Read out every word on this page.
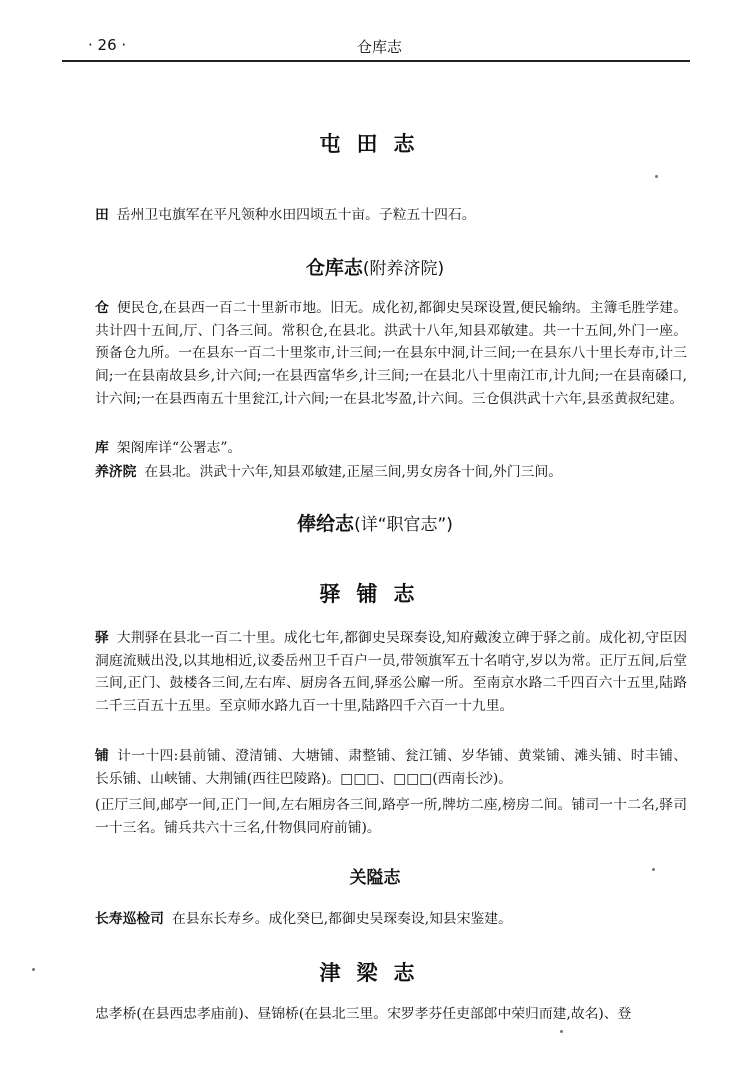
· 26 ·	仓库志
屯田志
田 岳州卫屯旗军在平凡领种水田四顷五十亩。子粒五十四石。
仓库志(附养济院)
仓 便民仓,在县西一百二十里新市地。旧无。成化初,都御史吴琛设置,便民输纳。主簿毛胜学建。共计四十五间,厅、门各三间。常积仓,在县北。洪武十八年,知县邓敏建。共一十五间,外门一座。预备仓九所。一在县东一百二十里浆市,计三间;一在县东中洞,计三间;一在县东八十里长寿市,计三间;一在县南故县乡,计六间;一在县西富华乡,计三间;一在县北八十里南江市,计九间;一在县南磉口,计六间;一在县西南五十里瓮江,计六间;一在县北岑盈,计六间。三仓俱洪武十六年,县丞黄叔纪建。
库 架阁库详“公署志”。
养济院 在县北。洪武十六年,知县邓敏建,正屋三间,男女房各十间,外门三间。
俸给志(详“职官志”)
驿铺志
驿 大荆驿在县北一百二十里。成化七年,都御史吴琛奏设,知府戴浚立碑于驿之前。成化初,守臣因洞庭流贼出没,以其地相近,议委岳州卫千百户一员,带领旗军五十名哨守,岁以为常。正厅五间,后堂三间,正门、鼓楼各三间,左右库、厨房各五间,驿丞公廨一所。至南京水路二千四百六十五里,陆路二千三百五十五里。至京师水路九百一十里,陆路四千六百一十九里。
铺 计一十四:县前铺、澄清铺、大塘铺、肃整铺、瓮江铺、岁华铺、黄棠铺、滩头铺、时丰铺、长乐铺、山峡铺、大荆铺(西往巴陵路)。□□□、□□□(西南长沙)。
(正厅三间,邮亭一间,正门一间,左右厢房各三间,路亭一所,牌坊二座,榜房二间。铺司一十二名,驿司一十三名。铺兵共六十三名,什物俱同府前铺)。
关隘志
长寿巡检司 在县东长寿乡。成化癸巳,都御史吴琛奏设,知县宋鉴建。
津梁志
忠孝桥(在县西忠孝庙前)、昼锦桥(在县北三里。宋罗孝芬任吏部郎中荣归而建,故名)、登
